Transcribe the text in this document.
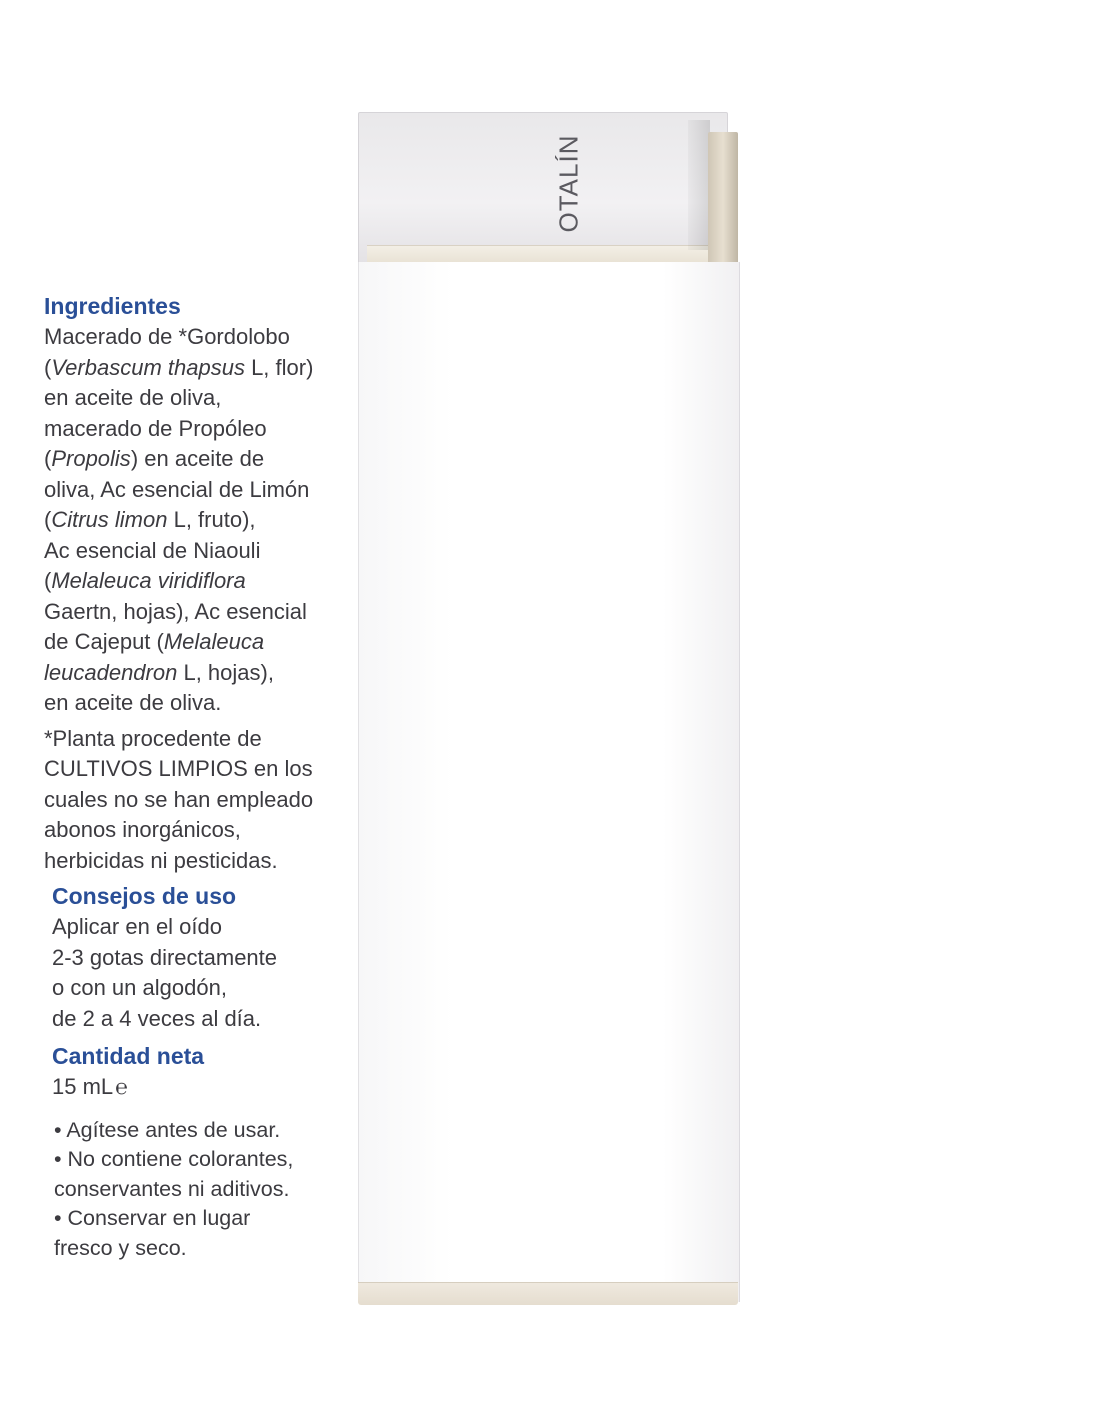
OTALÍN
Ingredientes
Macerado de *Gordolobo
(Verbascum thapsus L, flor)
en aceite de oliva,
macerado de Propóleo
(Propolis) en aceite de
oliva, Ac esencial de Limón
(Citrus limon L, fruto),
Ac esencial de Niaouli
(Melaleuca viridiflora
Gaertn, hojas), Ac esencial
de Cajeput (Melaleuca
leucadendron L, hojas),
en aceite de oliva.
*Planta procedente de
CULTIVOS LIMPIOS en los
cuales no se han empleado
abonos inorgánicos,
herbicidas ni pesticidas.
Consejos de uso
Aplicar en el oído
2-3 gotas directamente
o con un algodón,
de 2 a 4 veces al día.
Cantidad neta
15 mL℮
• Agítese antes de usar.
• No contiene colorantes,
conservantes ni aditivos.
• Conservar en lugar
fresco y seco.
